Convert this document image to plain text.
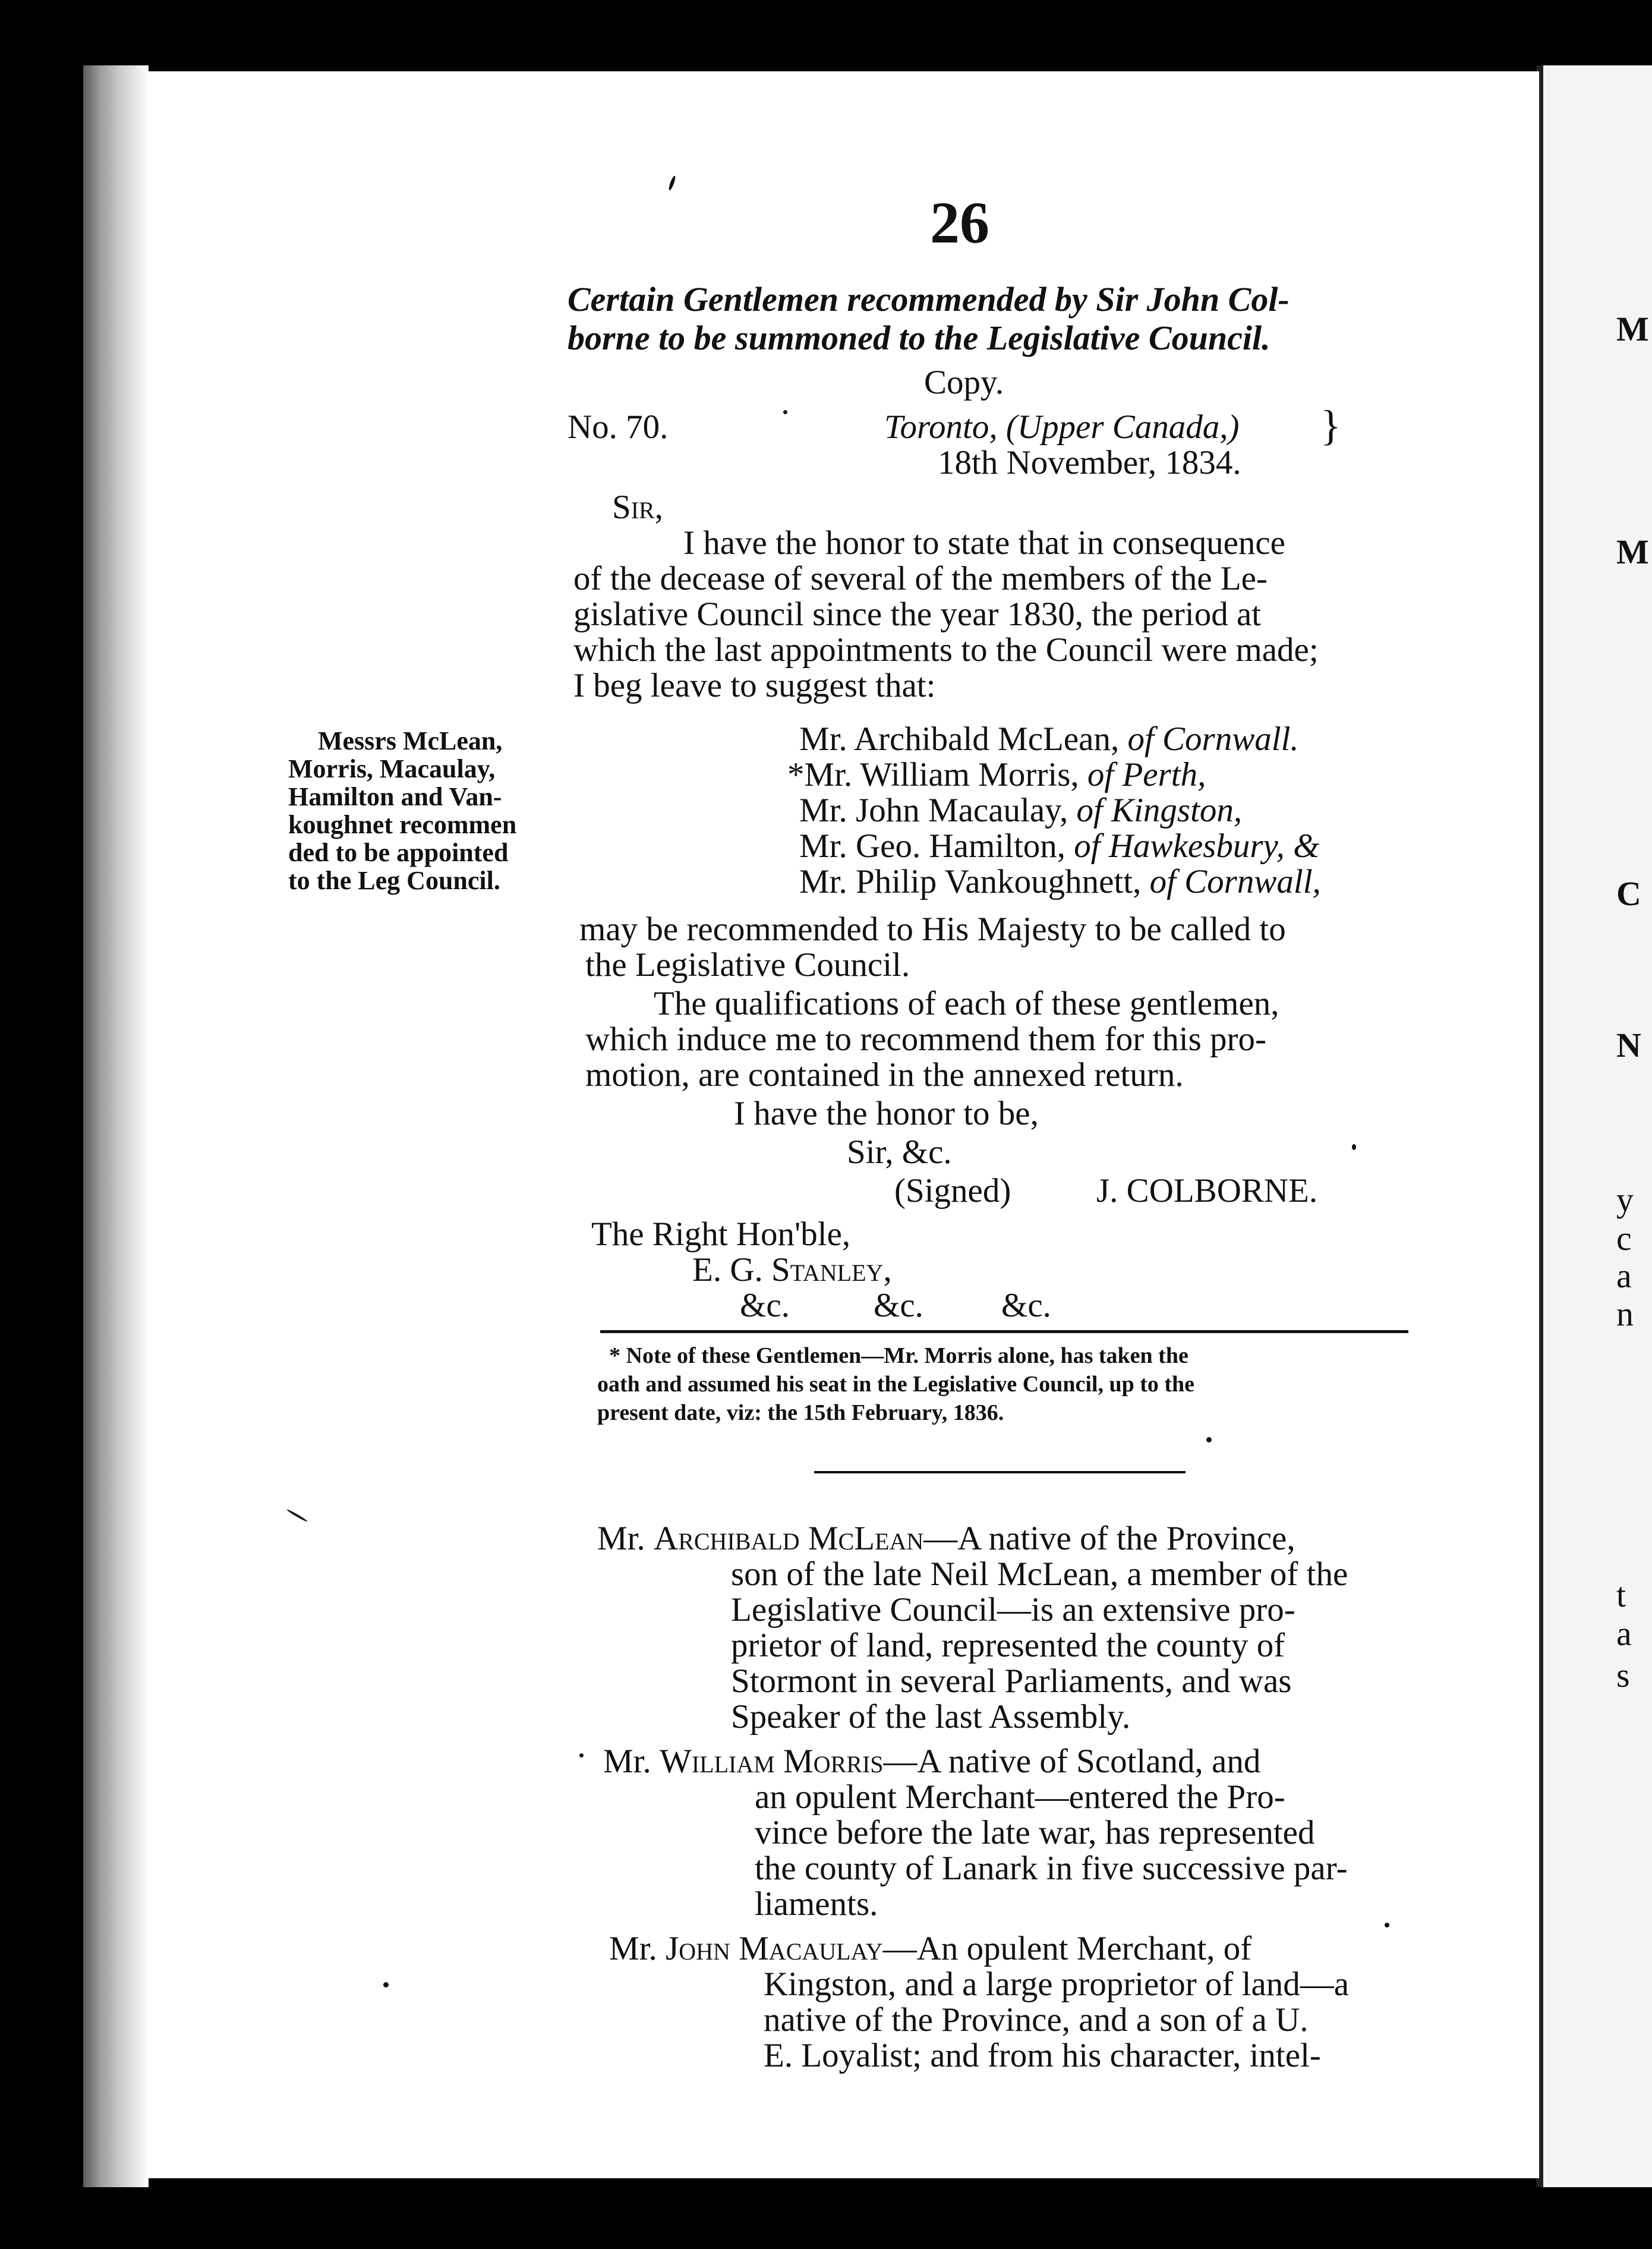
M
M
C
N
y
c
a
n
t
a
s
26
Certain Gentlemen recommended by Sir John Col-
borne to be summoned to the Legislative Council.
Copy.
No. 70.	Toronto, (Upper Canada,)
18th November, 1834.
}
Sir,
I have the honor to state that in consequence
of the decease of several of the members of the Le-
gislative Council since the year 1830, the period at
which the last appointments to the Council were made;
I beg leave to suggest that:
Messrs McLean,
Morris, Macaulay,
Hamilton and Van-
koughnet recommen
ded to be appointed
to the Leg Council.
Mr. Archibald McLean, of Cornwall.
*Mr. William Morris, of Perth,
Mr. John Macaulay, of Kingston,
Mr. Geo. Hamilton, of Hawkesbury, &
Mr. Philip Vankoughnett, of Cornwall,
may be recommended to His Majesty to be called to
the Legislative Council.
The qualifications of each of these gentlemen,
which induce me to recommend them for this pro-
motion, are contained in the annexed return.
I have the honor to be,
Sir, &c.
(Signed)	J. COLBORNE.
The Right Hon'ble,
E. G. Stanley,
&c. &c. &c.
* Note of these Gentlemen—Mr. Morris alone, has taken the
oath and assumed his seat in the Legislative Council, up to the
present date, viz: the 15th February, 1836.
Mr. Archibald McLean—A native of the Province,
son of the late Neil McLean, a member of the
Legislative Council—is an extensive pro-
prietor of land, represented the county of
Stormont in several Parliaments, and was
Speaker of the last Assembly.
Mr. William Morris—A native of Scotland, and
an opulent Merchant—entered the Pro-
vince before the late war, has represented
the county of Lanark in five successive par-
liaments.
Mr. John Macaulay—An opulent Merchant, of
Kingston, and a large proprietor of land—a
native of the Province, and a son of a U.
E. Loyalist; and from his character, intel-
